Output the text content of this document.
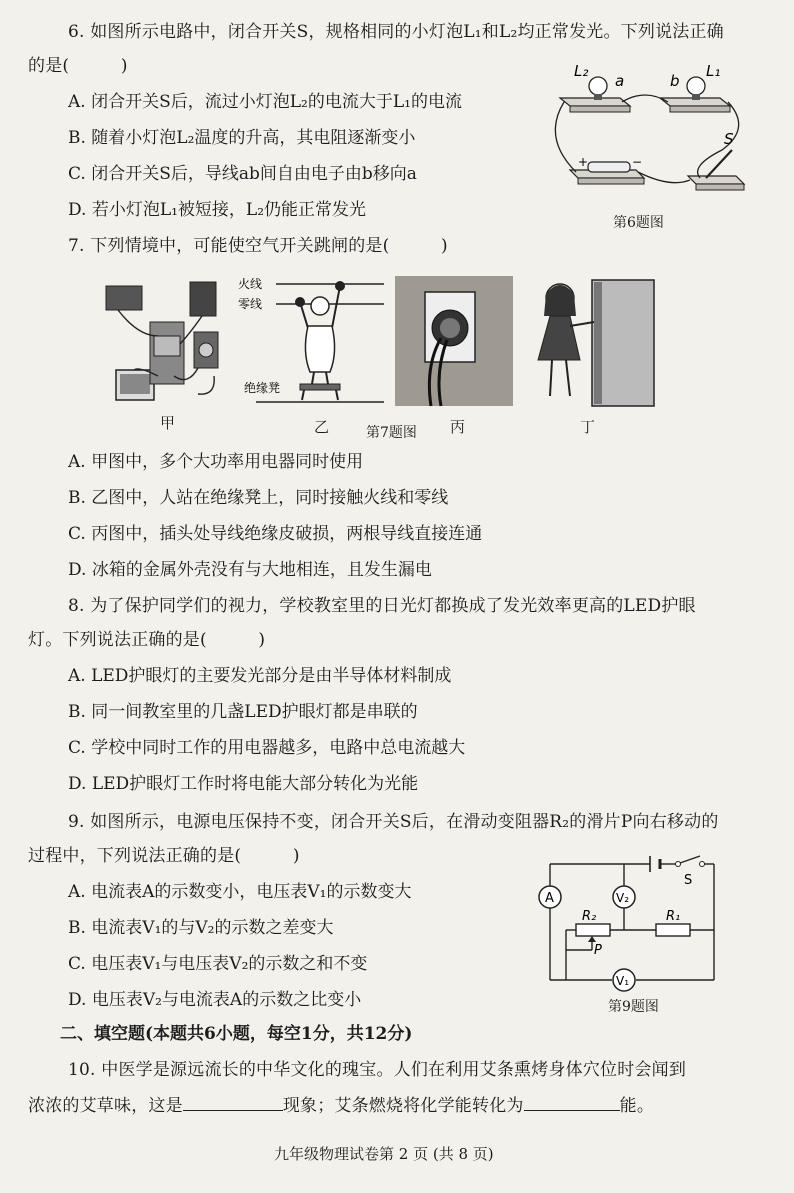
6. 如图所示电路中，闭合开关S，规格相同的小灯泡L₁和L₂均正常发光。下列说法正确
的是(　　　)
A. 闭合开关S后，流过小灯泡L₂的电流大于L₁的电流
B. 随着小灯泡L₂温度的升高，其电阻逐渐变小
C. 闭合开关S后，导线ab间自由电子由b移向a
D. 若小灯泡L₁被短接，L₂仍能正常发光
L₂
a	b
L₁
S
+	−
第6题图
7. 下列情境中，可能使空气开关跳闸的是(　　　)
火线
零线
绝缘凳
甲	乙	第7题图 丙	丁
A. 甲图中，多个大功率用电器同时使用
B. 乙图中，人站在绝缘凳上，同时接触火线和零线
C. 丙图中，插头处导线绝缘皮破损，两根导线直接连通
D. 冰箱的金属外壳没有与大地相连，且发生漏电
8. 为了保护同学们的视力，学校教室里的日光灯都换成了发光效率更高的LED护眼
灯。下列说法正确的是(　　　)
A. LED护眼灯的主要发光部分是由半导体材料制成
B. 同一间教室里的几盏LED护眼灯都是串联的
C. 学校中同时工作的用电器越多，电路中总电流越大
D. LED护眼灯工作时将电能大部分转化为光能
9. 如图所示，电源电压保持不变，闭合开关S后，在滑动变阻器R₂的滑片P向右移动的
过程中，下列说法正确的是(　　　)
A. 电流表A的示数变小，电压表V₁的示数变大
B. 电流表V₁的与V₂的示数之差变大
C. 电压表V₁与电压表V₂的示数之和不变
D. 电压表V₂与电流表A的示数之比变小
A	V₂
R₂
P
R₁
V₁
S
第9题图
二、填空题(本题共6小题，每空1分，共12分)
10. 中医学是源远流长的中华文化的瑰宝。人们在利用艾条熏烤身体穴位时会闻到
浓浓的艾草味，这是	现象；艾条燃烧将化学能转化为	能。
九年级物理试卷第 2 页 (共 8 页)
